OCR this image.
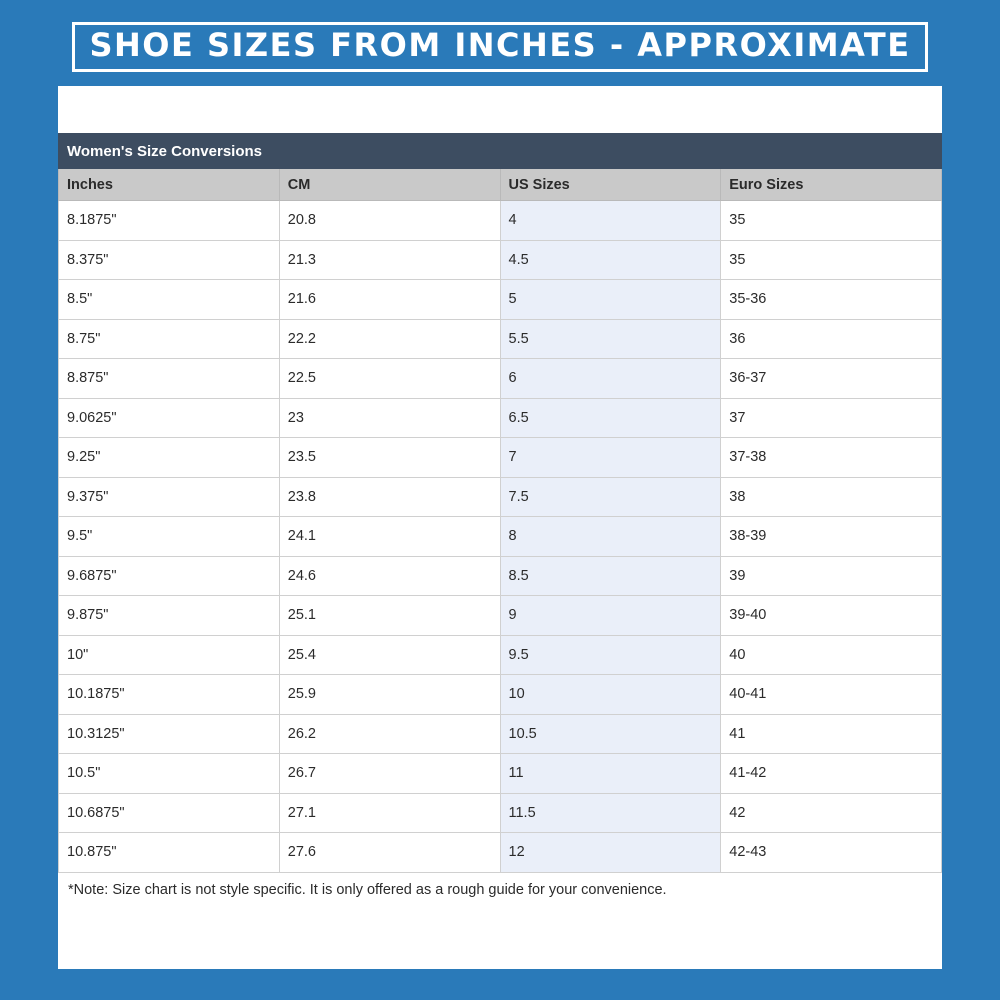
SHOE SIZES FROM INCHES - APPROXIMATE
Women's Size Conversions			
Inches	CM	US Sizes	Euro Sizes
8.1875"	20.8	4	35
8.375"	21.3	4.5	35
8.5"	21.6	5	35-36
8.75"	22.2	5.5	36
8.875"	22.5	6	36-37
9.0625"	23	6.5	37
9.25"	23.5	7	37-38
9.375"	23.8	7.5	38
9.5"	24.1	8	38-39
9.6875"	24.6	8.5	39
9.875"	25.1	9	39-40
10"	25.4	9.5	40
10.1875"	25.9	10	40-41
10.3125"	26.2	10.5	41
10.5"	26.7	11	41-42
10.6875"	27.1	11.5	42
10.875"	27.6	12	42-43
*Note: Size chart is not style specific. It is only offered as a rough guide for your convenience.
